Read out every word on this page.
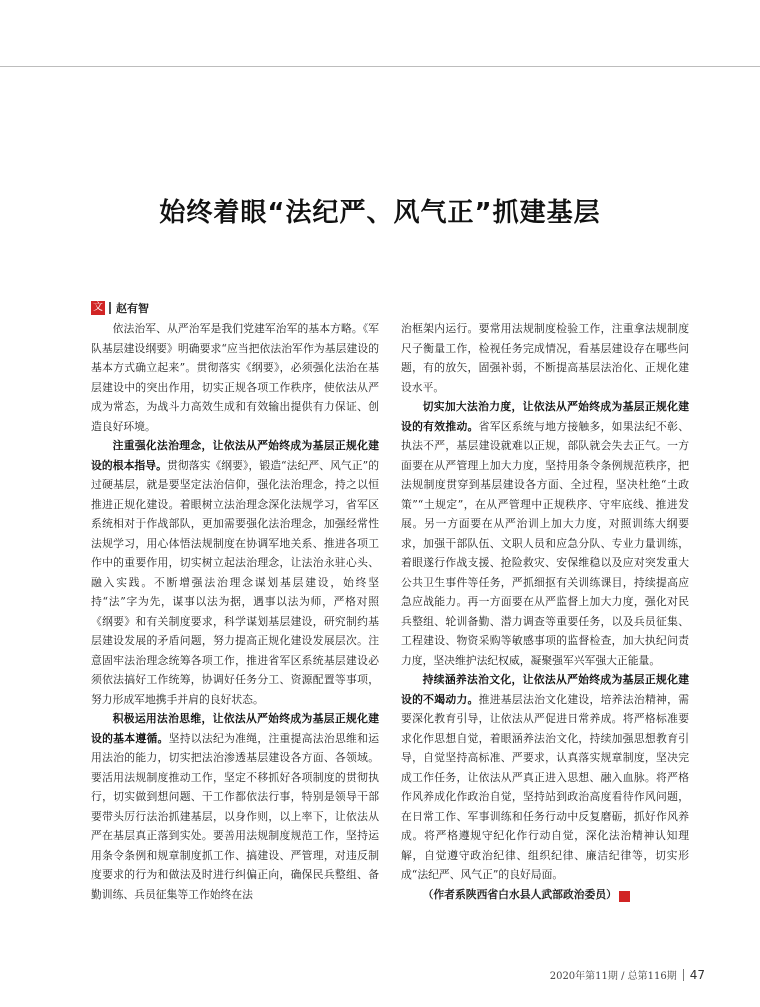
始终着眼“法纪严、风气正”抓建基层
文 赵有智

依法治军、从严治军是我们党建军治军的基本方略。《军队基层建设纲要》明确要求“应当把依法治军作为基层建设的基本方式确立起来”。贯彻落实《纲要》，必须强化法治在基层建设中的突出作用，切实正规各项工作秩序，使依法从严成为常态，为战斗力高效生成和有效输出提供有力保证、创造良好环境。

注重强化法治理念，让依法从严始终成为基层正规化建设的根本指导。贯彻落实《纲要》，锻造“法纪严、风气正”的过硬基层，就是要坚定法治信仰，强化法治理念，持之以恒推进正规化建设。着眼树立法治理念深化法规学习，省军区系统相对于作战部队，更加需要强化法治理念，加强经常性法规学习，用心体悟法规制度在协调军地关系、推进各项工作中的重要作用，切实树立起法治理念，让法治永驻心头、融入实践。不断增强法治理念谋划基层建设，始终坚持“法”字为先，谋事以法为据，遇事以法为师，严格对照《纲要》和有关制度要求，科学谋划基层建设，研究制约基层建设发展的矛盾问题，努力提高正规化建设发展层次。注意固牢法治理念统筹各项工作，推进省军区系统基层建设必须依法搞好工作统筹，协调好任务分工、资源配置等事项，努力形成军地携手并肩的良好状态。

积极运用法治思维，让依法从严始终成为基层正规化建设的基本遵循。坚持以法纪为准绳，注重提高法治思维和运用法治的能力，切实把法治渗透基层建设各方面、各领域。要活用法规制度推动工作，坚定不移抓好各项制度的贯彻执行，切实做到想问题、干工作都依法行事，特别是领导干部要带头厉行法治抓建基层，以身作则，以上率下，让依法从严在基层真正落到实处。要善用法规制度规范工作，坚持运用条令条例和规章制度抓工作、搞建设、严管理，对违反制度要求的行为和做法及时进行纠偏正向，确保民兵整组、备勤训练、兵员征集等工作始终在法

治框架内运行。要常用法规制度检验工作，注重拿法规制度尺子衡量工作，检视任务完成情况，看基层建设存在哪些问题，有的放矢，固强补弱，不断提高基层法治化、正规化建设水平。

切实加大法治力度，让依法从严始终成为基层正规化建设的有效推动。省军区系统与地方接触多，如果法纪不彰、执法不严，基层建设就难以正规，部队就会失去正气。一方面要在从严管理上加大力度，坚持用条令条例规范秩序，把法规制度贯穿到基层建设各方面、全过程，坚决杜绝“土政策”“土规定”，在从严管理中正规秩序、守牢底线、推进发展。另一方面要在从严治训上加大力度，对照训练大纲要求，加强干部队伍、文职人员和应急分队、专业力量训练，着眼遂行作战支援、抢险救灾、安保维稳以及应对突发重大公共卫生事件等任务，严抓细抠有关训练课目，持续提高应急应战能力。再一方面要在从严监督上加大力度，强化对民兵整组、轮训备勤、潜力调查等重要任务，以及兵员征集、工程建设、物资采购等敏感事项的监督检查，加大执纪问责力度，坚决维护法纪权威，凝聚强军兴军强大正能量。

持续涵养法治文化，让依法从严始终成为基层正规化建设的不竭动力。推进基层法治文化建设，培养法治精神，需要深化教育引导，让依法从严促进日常养成。将严格标准要求化作思想自觉，着眼涵养法治文化，持续加强思想教育引导，自觉坚持高标准、严要求，认真落实规章制度，坚决完成工作任务，让依法从严真正进入思想、融入血脉。将严格作风养成化作政治自觉，坚持站到政治高度看待作风问题，在日常工作、军事训练和任务行动中反复磨砺，抓好作风养成。将严格遵规守纪化作行动自觉，深化法治精神认知理解，自觉遵守政治纪律、组织纪律、廉洁纪律等，切实形成“法纪严、风气正”的良好局面。

（作者系陕西省白水县人武部政治委员）	G

2020年第11期 / 总第116期 47
